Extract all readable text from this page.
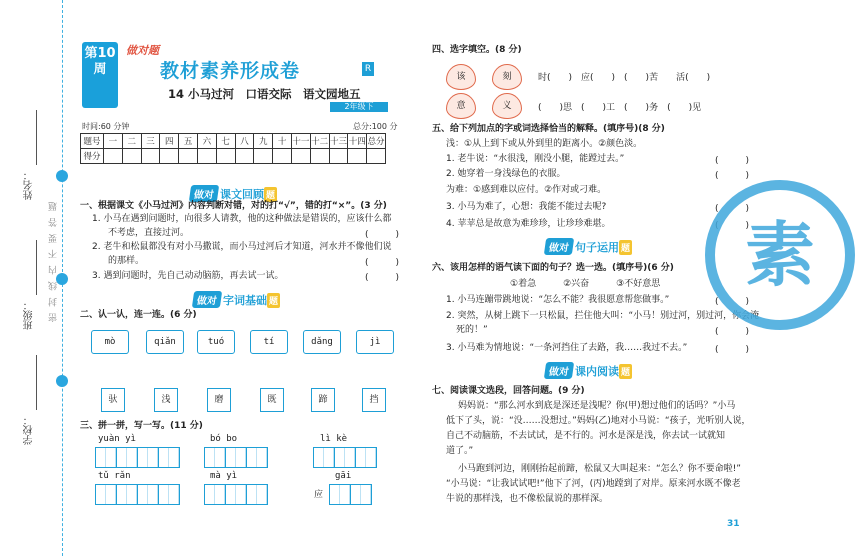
姓名：
班级：
学校：
密 封 线 内 不 要 答 题
第10周
做对题
教材素养形成卷	R
14 小马过河　口语交际　语文园地五
2年级下
时间:60 分钟	总分:100 分
题号	一	二	三	四	五	六	七	八	九	十	十一	十二	十三	十四	总分
得分															
做对 课文回顾 题
一、根据课文《小马过河》内容判断对错，对的打“√”，错的打“×”。(3 分)
1. 小马在遇到问题时，向很多人请教，他的这种做法是错误的，应该什么都
不考虑，直接过河。	(　　　)
2. 老牛和松鼠都没有对小马撒谎，而小马过河后才知道，河水并不像他们说
的那样。	(　　　)
3. 遇到问题时，先自己动动脑筋，再去试一试。	(　　　)
做对 字词基础 题
二、认一认，连一连。(6 分)
mò	qiǎn	tuó	tí	dǎng	jì
驮	浅	磨	既	蹄	挡
三、拼一拼，写一写。(11 分)
yuàn yì	bó bo	lì kè
tǔ rǎn	mà yì	gāi
应
四、选字填空。(8 分)
该	刻
意	义
时(　　)　应(　　)　(　　)苦　　活(　　)
(　　)思　(　　)工　(　　)务　(　　)见
五、给下列加点的字或词选择恰当的解释。(填序号)(8 分)
浅：①从上到下或从外到里的距离小。②颜色淡。
1. 老牛说：“水很浅，刚没小腿，能蹚过去。”	(　　　)
2. 她穿着一身浅绿色的衣服。	(　　　)
为难：①感到难以应付。②作对或刁难。
3. 小马为难了，心想：我能不能过去呢?	(　　　)
4. 苹苹总是故意为难珍珍，让珍珍难堪。	(　　　)
做对 句子运用 题
六、该用怎样的语气读下面的句子？选一选。(填序号)(6 分)
①着急　　　②兴奋　　　③不好意思
1. 小马连蹦带跳地说：“怎么不能？我很愿意帮您做事。”	(　　　)
2. 突然，从树上跳下一只松鼠，拦住他大叫：“小马！别过河，别过河，你会淹
死的！”	(　　　)
3. 小马难为情地说：“一条河挡住了去路，我……我过不去。”	(　　　)
做对 课内阅读 题
七、阅读课文选段，回答问题。(9 分)
妈妈说：“那么河水到底是深还是浅呢？你(甲)想过他们的话吗？”小马
低下了头，说：“没……没想过。”妈妈(乙)地对小马说：“孩子，光听别人说，
自己不动脑筋，不去试试，是不行的。河水是深是浅，你去试一试就知
道了。”
小马跑到河边，刚刚抬起前蹄，松鼠又大叫起来：“怎么？你不要命啦!”
“小马说：“让我试试吧!”他下了河，(丙)地蹚到了对岸。原来河水既不像老
牛说的那样浅，也不像松鼠说的那样深。
素
31
